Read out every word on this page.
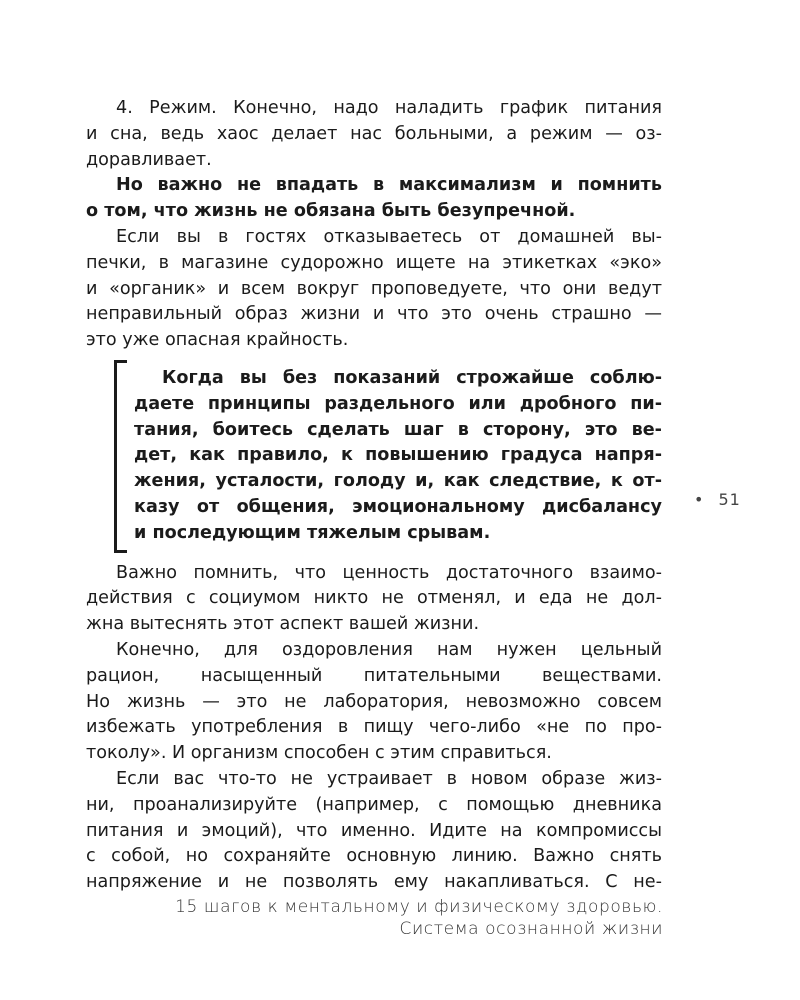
4. Режим. Конечно, надо наладить график питания
и сна, ведь хаос делает нас больными, а режим — оз-
доравливает.
Но важно не впадать в максимализм и помнить
о том, что жизнь не обязана быть безупречной.
Если вы в гостях отказываетесь от домашней вы-
печки, в магазине судорожно ищете на этикетках «эко»
и «органик» и всем вокруг проповедуете, что они ведут
неправильный образ жизни и что это очень страшно —
это уже опасная крайность.
Когда вы без показаний строжайше соблю-
даете принципы раздельного или дробного пи-
тания, боитесь сделать шаг в сторону, это ве-
дет, как правило, к повышению градуса напря-
жения, усталости, голоду и, как следствие, к от-
казу от общения, эмоциональному дисбалансу
и последующим тяжелым срывам.
Важно помнить, что ценность достаточного взаимо-
действия с социумом никто не отменял, и еда не дол-
жна вытеснять этот аспект вашей жизни.
Конечно, для оздоровления нам нужен цельный
рацион, насыщенный питательными веществами.
Но жизнь — это не лаборатория, невозможно совсем
избежать употребления в пищу чего-либо «не по про-
токолу». И организм способен с этим справиться.
Если вас что-то не устраивает в новом образе жиз-
ни, проанализируйте (например, с помощью дневника
питания и эмоций), что именно. Идите на компромиссы
с собой, но сохраняйте основную линию. Важно снять
напряжение и не позволять ему накапливаться. С не-
• 51
15 шагов к ментальному и физическому здоровью.
Система осознанной жизни
